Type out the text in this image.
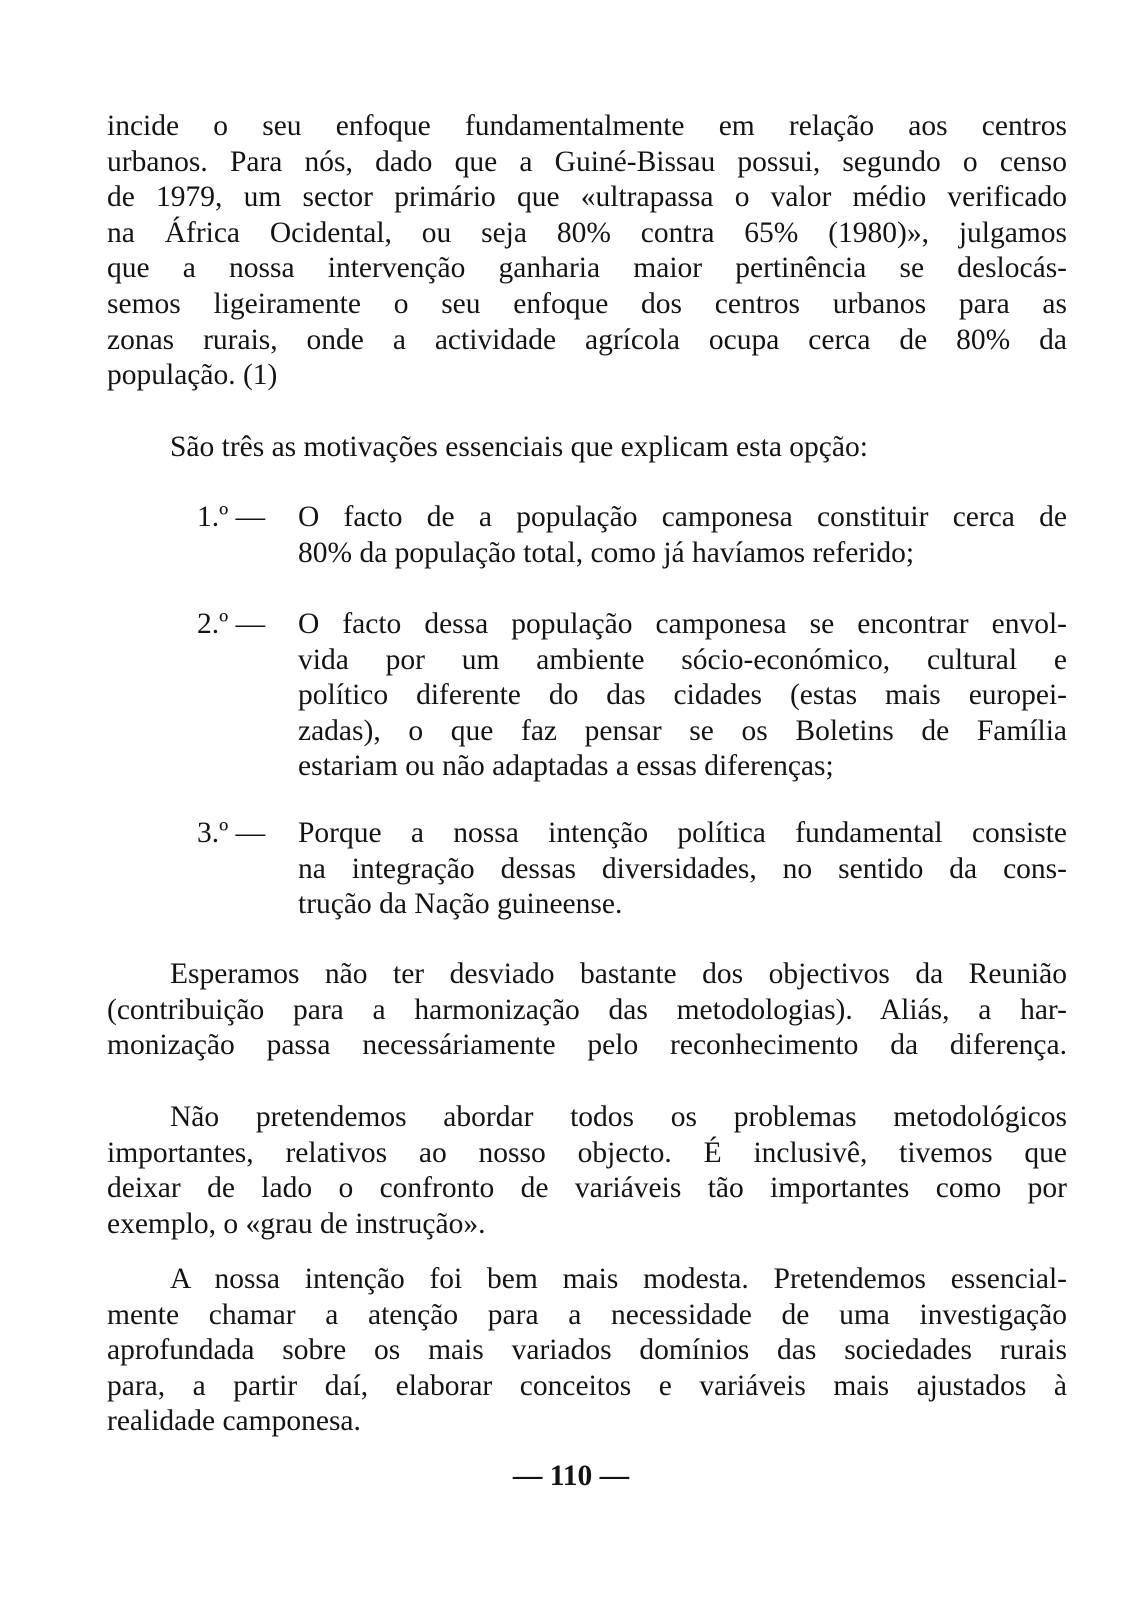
incide o seu enfoque fundamentalmente em relação aos centros
urbanos. Para nós, dado que a Guiné-Bissau possui, segundo o censo
de 1979, um sector primário que «ultrapassa o valor médio verificado
na África Ocidental, ou seja 80% contra 65% (1980)», julgamos
que a nossa intervenção ganharia maior pertinência se deslocás-
semos ligeiramente o seu enfoque dos centros urbanos para as
zonas rurais, onde a actividade agrícola ocupa cerca de 80% da
população. (1)
São três as motivações essenciais que explicam esta opção:
1.º — O facto de a população camponesa constituir cerca de
80% da população total, como já havíamos referido;
2.º — O facto dessa população camponesa se encontrar envol-
vida por um ambiente sócio-económico, cultural e
político diferente do das cidades (estas mais europei-
zadas), o que faz pensar se os Boletins de Família
estariam ou não adaptadas a essas diferenças;
3.º — Porque a nossa intenção política fundamental consiste
na integração dessas diversidades, no sentido da cons-
trução da Nação guineense.
Esperamos não ter desviado bastante dos objectivos da Reunião
(contribuição para a harmonização das metodologias). Aliás, a har-
monização passa necessáriamente pelo reconhecimento da diferença.
Não pretendemos abordar todos os problemas metodológicos
importantes, relativos ao nosso objecto. É inclusivê, tivemos que
deixar de lado o confronto de variáveis tão importantes como por
exemplo, o «grau de instrução».
A nossa intenção foi bem mais modesta. Pretendemos essencial-
mente chamar a atenção para a necessidade de uma investigação
aprofundada sobre os mais variados domínios das sociedades rurais
para, a partir daí, elaborar conceitos e variáveis mais ajustados à
realidade camponesa.
— 110 —
